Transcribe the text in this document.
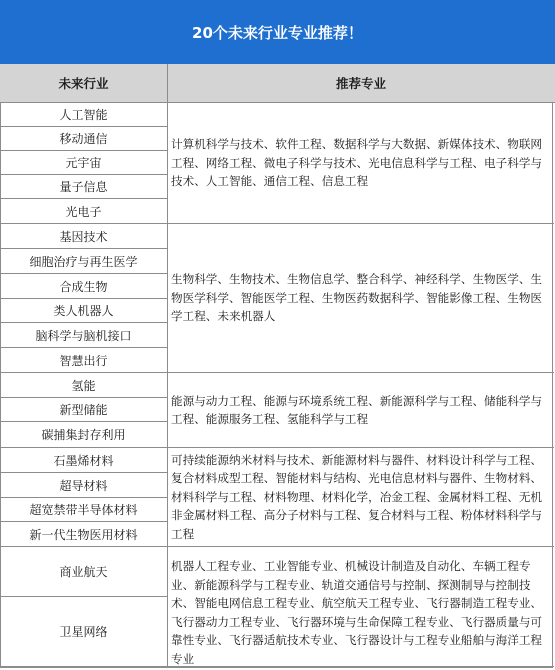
20个未来行业专业推荐！
未来行业	推荐专业
人工智能
移动通信
元宇宙
量子信息
光电子
计算机科学与技术、软件工程、数据科学与大数据、新媒体技术、物联网工程、网络工程、微电子科学与技术、光电信息科学与工程、电子科学与技术、人工智能、通信工程、信息工程
基因技术
细胞治疗与再生医学
合成生物
类人机器人
脑科学与脑机接口
智慧出行
生物科学、生物技术、生物信息学、整合科学、神经科学、生物医学、生物医学科学、智能医学工程、生物医药数据科学、智能影像工程、生物医学工程、未来机器人
氢能
新型储能
碳捕集封存利用
能源与动力工程、能源与环境系统工程、新能源科学与工程、储能科学与工程、能源服务工程、氢能科学与工程
石墨烯材料
超导材料
超宽禁带半导体材料
新一代生物医用材料
可持续能源纳米材料与技术、新能源材料与器件、材料设计科学与工程、复合材料成型工程、智能材料与结构、光电信息材料与器件、生物材料、材料科学与工程、材料物理、材料化学，冶金工程、金属材料工程、无机非金属材料工程、高分子材料与工程、复合材料与工程、粉体材料科学与工程
商业航天
卫星网络
机器人工程专业、工业智能专业、机械设计制造及自动化、车辆工程专业、新能源科学与工程专业、轨道交通信号与控制、探测制导与控制技术、智能电网信息工程专业、航空航天工程专业、飞行器制造工程专业、飞行器动力工程专业、飞行器环境与生命保障工程专业、飞行器质量与可靠性专业、飞行器适航技术专业、飞行器设计与工程专业船舶与海洋工程专业
